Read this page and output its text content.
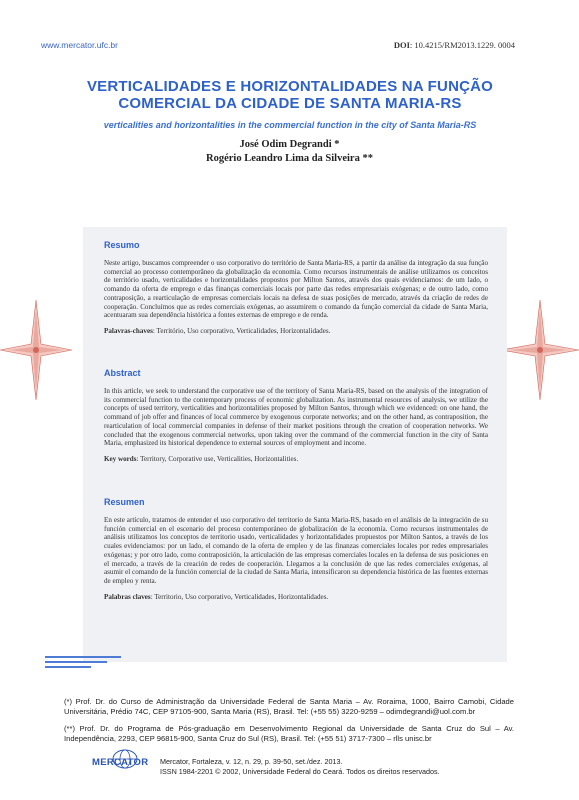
www.mercator.ufc.br	DOI: 10.4215/RM2013.1229. 0004
VERTICALIDADES E HORIZONTALIDADES NA FUNÇÃO
COMERCIAL DA CIDADE DE SANTA MARIA-RS
verticalities and horizontalities in the commercial function in the city of Santa Maria-RS
José Odim Degrandi *
Rogério Leandro Lima da Silveira **
Resumo

Neste artigo, buscamos compreender o uso corporativo do território de Santa Maria-RS, a partir da análise da integração da sua função comercial ao processo contemporâneo da globalização da economia. Como recursos instrumentais de análise utilizamos os conceitos de território usado, verticalidades e horizontalidades propostos por Milton Santos, através dos quais evidenciamos: de um lado, o comando da oferta de emprego e das finanças comerciais locais por parte das redes empresariais exógenas; e de outro lado, como contraposição, a rearticulação de empresas comerciais locais na defesa de suas posições de mercado, através da criação de redes de cooperação. Concluímos que as redes comerciais exógenas, ao assumirem o comando da função comercial da cidade de Santa Maria, acentuaram sua dependência histórica a fontes externas de emprego e de renda.

Palavras-chaves: Território, Uso corporativo, Verticalidades, Horizontalidades.
Abstract

In this article, we seek to understand the corporative use of the territory of Santa Maria-RS, based on the analysis of the integration of its commercial function to the contemporary process of economic globalization. As instrumental resources of analysis, we utilize the concepts of used territory, verticalities and horizontalities proposed by Milton Santos, through which we evidenced: on one hand, the command of job offer and finances of local commerce by exogenous corporate networks; and on the other hand, as contraposition, the rearticulation of local commercial companies in defense of their market positions through the creation of cooperation networks. We concluded that the exogenous commercial networks, upon taking over the command of the commercial function in the city of Santa Maria, emphasized its historical dependence to external sources of employment and income.

Key words: Territory, Corporative use, Verticalities, Horizontalities.
Resumen

En este artículo, tratamos de entender el uso corporativo del territorio de Santa Maria-RS, basado en el análisis de la integración de su función comercial en el escenario del proceso contemporáneo de globalización de la economía. Como recursos instrumentales de análisis utilizamos los conceptos de territorio usado, verticalidades y horizontalidades propuestos por Milton Santos, a través de los cuales evidenciamos: por un lado, el comando de la oferta de empleo y de las finanzas comerciales locales por redes empresariales exógenas; y por otro lado, como contraposición, la articulación de las empresas comerciales locales en la defensa de sus posiciones en el mercado, a través de la creación de redes de cooperación. Llegamos a la conclusión de que las redes comerciales exógenas, al asumir el comando de la función comercial de la ciudad de Santa Maria, intensificaron su dependencia histórica de las fuentes externas de empleo y renta.

Palabras claves: Territorio, Uso corporativo, Verticalidades, Horizontalidades.
(*) Prof. Dr. do Curso de Administração da Universidade Federal de Santa Maria – Av. Roraima, 1000, Bairro Camobi, Cidade Universitária, Prédio 74C, CEP 97105-900, Santa Maria (RS), Brasil. Tel: (+55 55) 3220-9259 – odimdegrandi@uol.com.br
(**) Prof. Dr. do Programa de Pós-graduação em Desenvolvimento Regional da Universidade de Santa Cruz do Sul – Av. Independência, 2293, CEP 96815-900, Santa Cruz do Sul (RS), Brasil. Tel: (+55 51) 3717-7300 – rlls unisc.br
MERCATOR Mercator, Fortaleza, v. 12, n. 29, p. 39-50, set./dez. 2013.
ISSN 1984-2201 © 2002, Universidade Federal do Ceará. Todos os direitos reservados.
